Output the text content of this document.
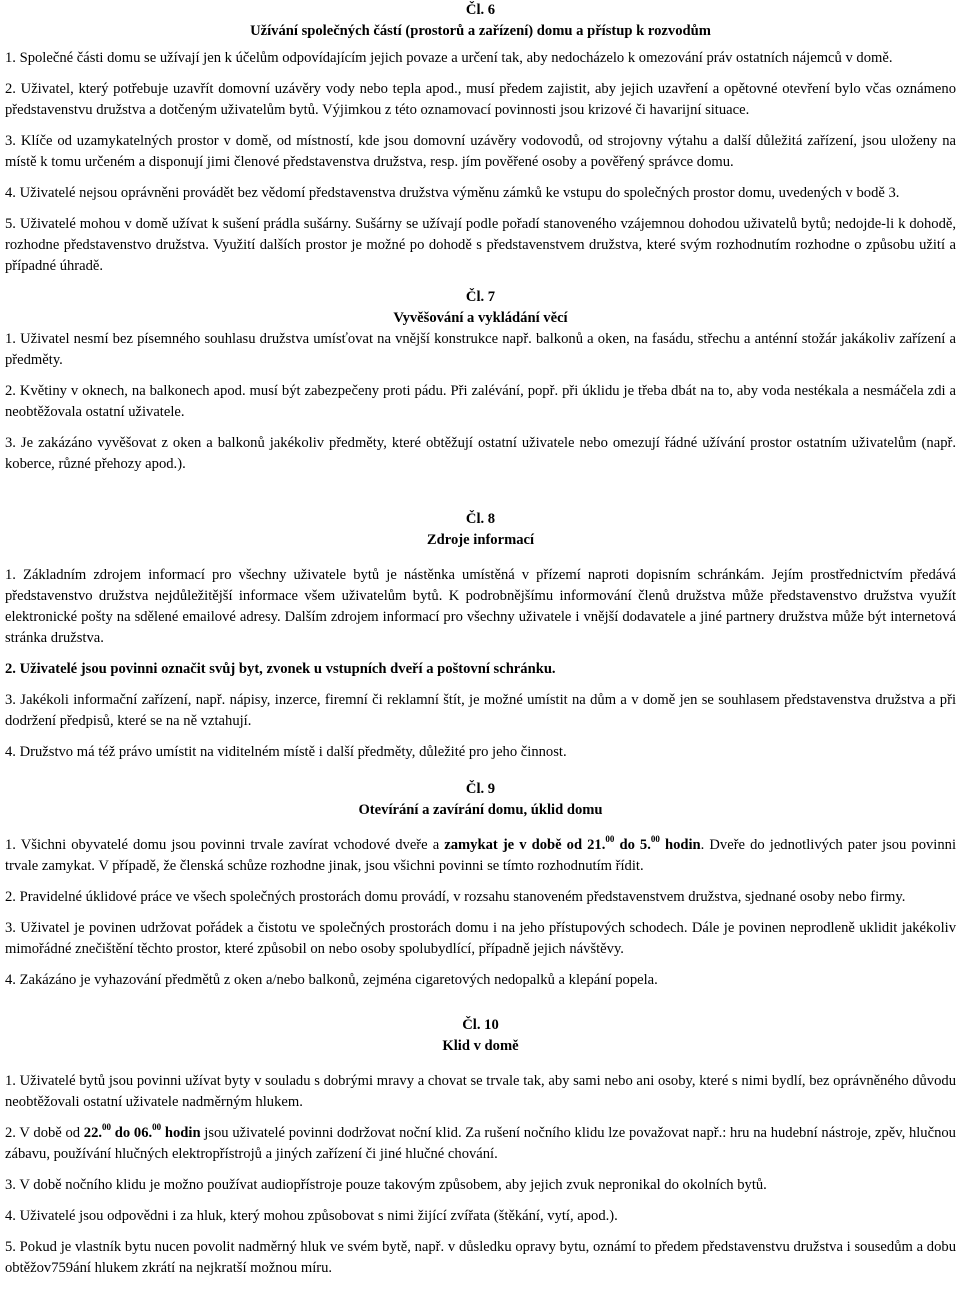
Čl. 6

Užívání společných částí (prostorů a zařízení) domu a přístup k rozvodům

1. Společné části domu se užívají jen k účelům odpovídajícím jejich povaze a určení tak, aby nedocházelo k omezování práv ostatních nájemců v domě.

2. Uživatel, který potřebuje uzavřít domovní uzávěry vody nebo tepla apod., musí předem zajistit, aby jejich uzavření a opětovné otevření bylo včas oznámeno představenstvu družstva a dotčeným uživatelům bytů. Výjimkou z této oznamovací povinnosti jsou krizové či havarijní situace.

3. Klíče od uzamykatelných prostor v domě, od místností, kde jsou domovní uzávěry vodovodů, od strojovny výtahu a další důležitá zařízení, jsou uloženy na místě k tomu určeném a disponují jimi členové představenstva družstva, resp. jím pověřené osoby a pověřený správce domu.

4. Uživatelé nejsou oprávněni provádět bez vědomí představenstva družstva výměnu zámků ke vstupu do společných prostor domu, uvedených v bodě 3.

5. Uživatelé mohou v domě užívat k sušení prádla sušárny. Sušárny se užívají podle pořadí stanoveného vzájemnou dohodou uživatelů bytů; nedojde-li k dohodě, rozhodne představenstvo družstva. Využití dalších prostor je možné po dohodě s představenstvem družstva, které svým rozhodnutím rozhodne o způsobu užití a případné úhradě.

Čl. 7

Vyvěšování a vykládání věcí

1. Uživatel nesmí bez písemného souhlasu družstva umísťovat na vnější konstrukce např. balkonů a oken, na fasádu, střechu a anténní stožár jakákoliv zařízení a předměty.

2. Květiny v oknech, na balkonech apod. musí být zabezpečeny proti pádu. Při zalévání, popř. při úklidu je třeba dbát na to, aby voda nestékala a nesmáčela zdi a neobtěžovala ostatní uživatele.

3. Je zakázáno vyvěšovat z oken a balkonů jakékoliv předměty, které obtěžují ostatní uživatele nebo omezují řádné užívání prostor ostatním uživatelům (např. koberce, různé přehozy apod.).

Čl. 8

Zdroje informací

1. Základním zdrojem informací pro všechny uživatele bytů je nástěnka umístěná v přízemí naproti dopisním schránkám. Jejím prostřednictvím předává představenstvo družstva nejdůležitější informace všem uživatelům bytů. K podrobnějšímu informování členů družstva může představenstvo družstva využít elektronické pošty na sdělené emailové adresy. Dalším zdrojem informací pro všechny uživatele i vnější dodavatele a jiné partnery družstva může být internetová stránka družstva.

2. Uživatelé jsou povinni označit svůj byt, zvonek u vstupních dveří a poštovní schránku.

3. Jakékoli informační zařízení, např. nápisy, inzerce, firemní či reklamní štít, je možné umístit na dům a v domě jen se souhlasem představenstva družstva a při dodržení předpisů, které se na ně vztahují.

4. Družstvo má též právo umístit na viditelném místě i další předměty, důležité pro jeho činnost.

Čl. 9

Otevírání a zavírání domu, úklid domu

1. Všichni obyvatelé domu jsou povinni trvale zavírat vchodové dveře a zamykat je v době od 21.00 do 5.00 hodin. Dveře do jednotlivých pater jsou povinni trvale zamykat. V případě, že členská schůze rozhodne jinak, jsou všichni povinni se tímto rozhodnutím řídit.

2. Pravidelné úklidové práce ve všech společných prostorách domu provádí, v rozsahu stanoveném představenstvem družstva, sjednané osoby nebo firmy.

3. Uživatel je povinen udržovat pořádek a čistotu ve společných prostorách domu i na jeho přístupových schodech. Dále je povinen neprodleně uklidit jakékoliv mimořádné znečištění těchto prostor, které způsobil on nebo osoby spolubydlící, případně jejich návštěvy.

4. Zakázáno je vyhazování předmětů z oken a/nebo balkonů, zejména cigaretových nedopalků a klepání popela.

Čl. 10

Klid v domě

1. Uživatelé bytů jsou povinni užívat byty v souladu s dobrými mravy a chovat se trvale tak, aby sami nebo ani osoby, které s nimi bydlí, bez oprávněného důvodu neobtěžovali ostatní uživatele nadměrným hlukem.

2. V době od 22.00 do 06.00 hodin jsou uživatelé povinni dodržovat noční klid. Za rušení nočního klidu lze považovat např.: hru na hudební nástroje, zpěv, hlučnou zábavu, používání hlučných elektropřístrojů a jiných zařízení či jiné hlučné chování.

3. V době nočního klidu je možno používat audiopřístroje pouze takovým způsobem, aby jejich zvuk nepronikal do okolních bytů.

4. Uživatelé jsou odpovědni i za hluk, který mohou způsobovat s nimi žijící zvířata (štěkání, vytí, apod.).

5. Pokud je vlastník bytu nucen povolit nadměrný hluk ve svém bytě, např. v důsledku opravy bytu, oznámí to předem představenstvu družstva i sousedům a dobu obtěžov759ání hlukem zkrátí na nejkratší možnou míru.
